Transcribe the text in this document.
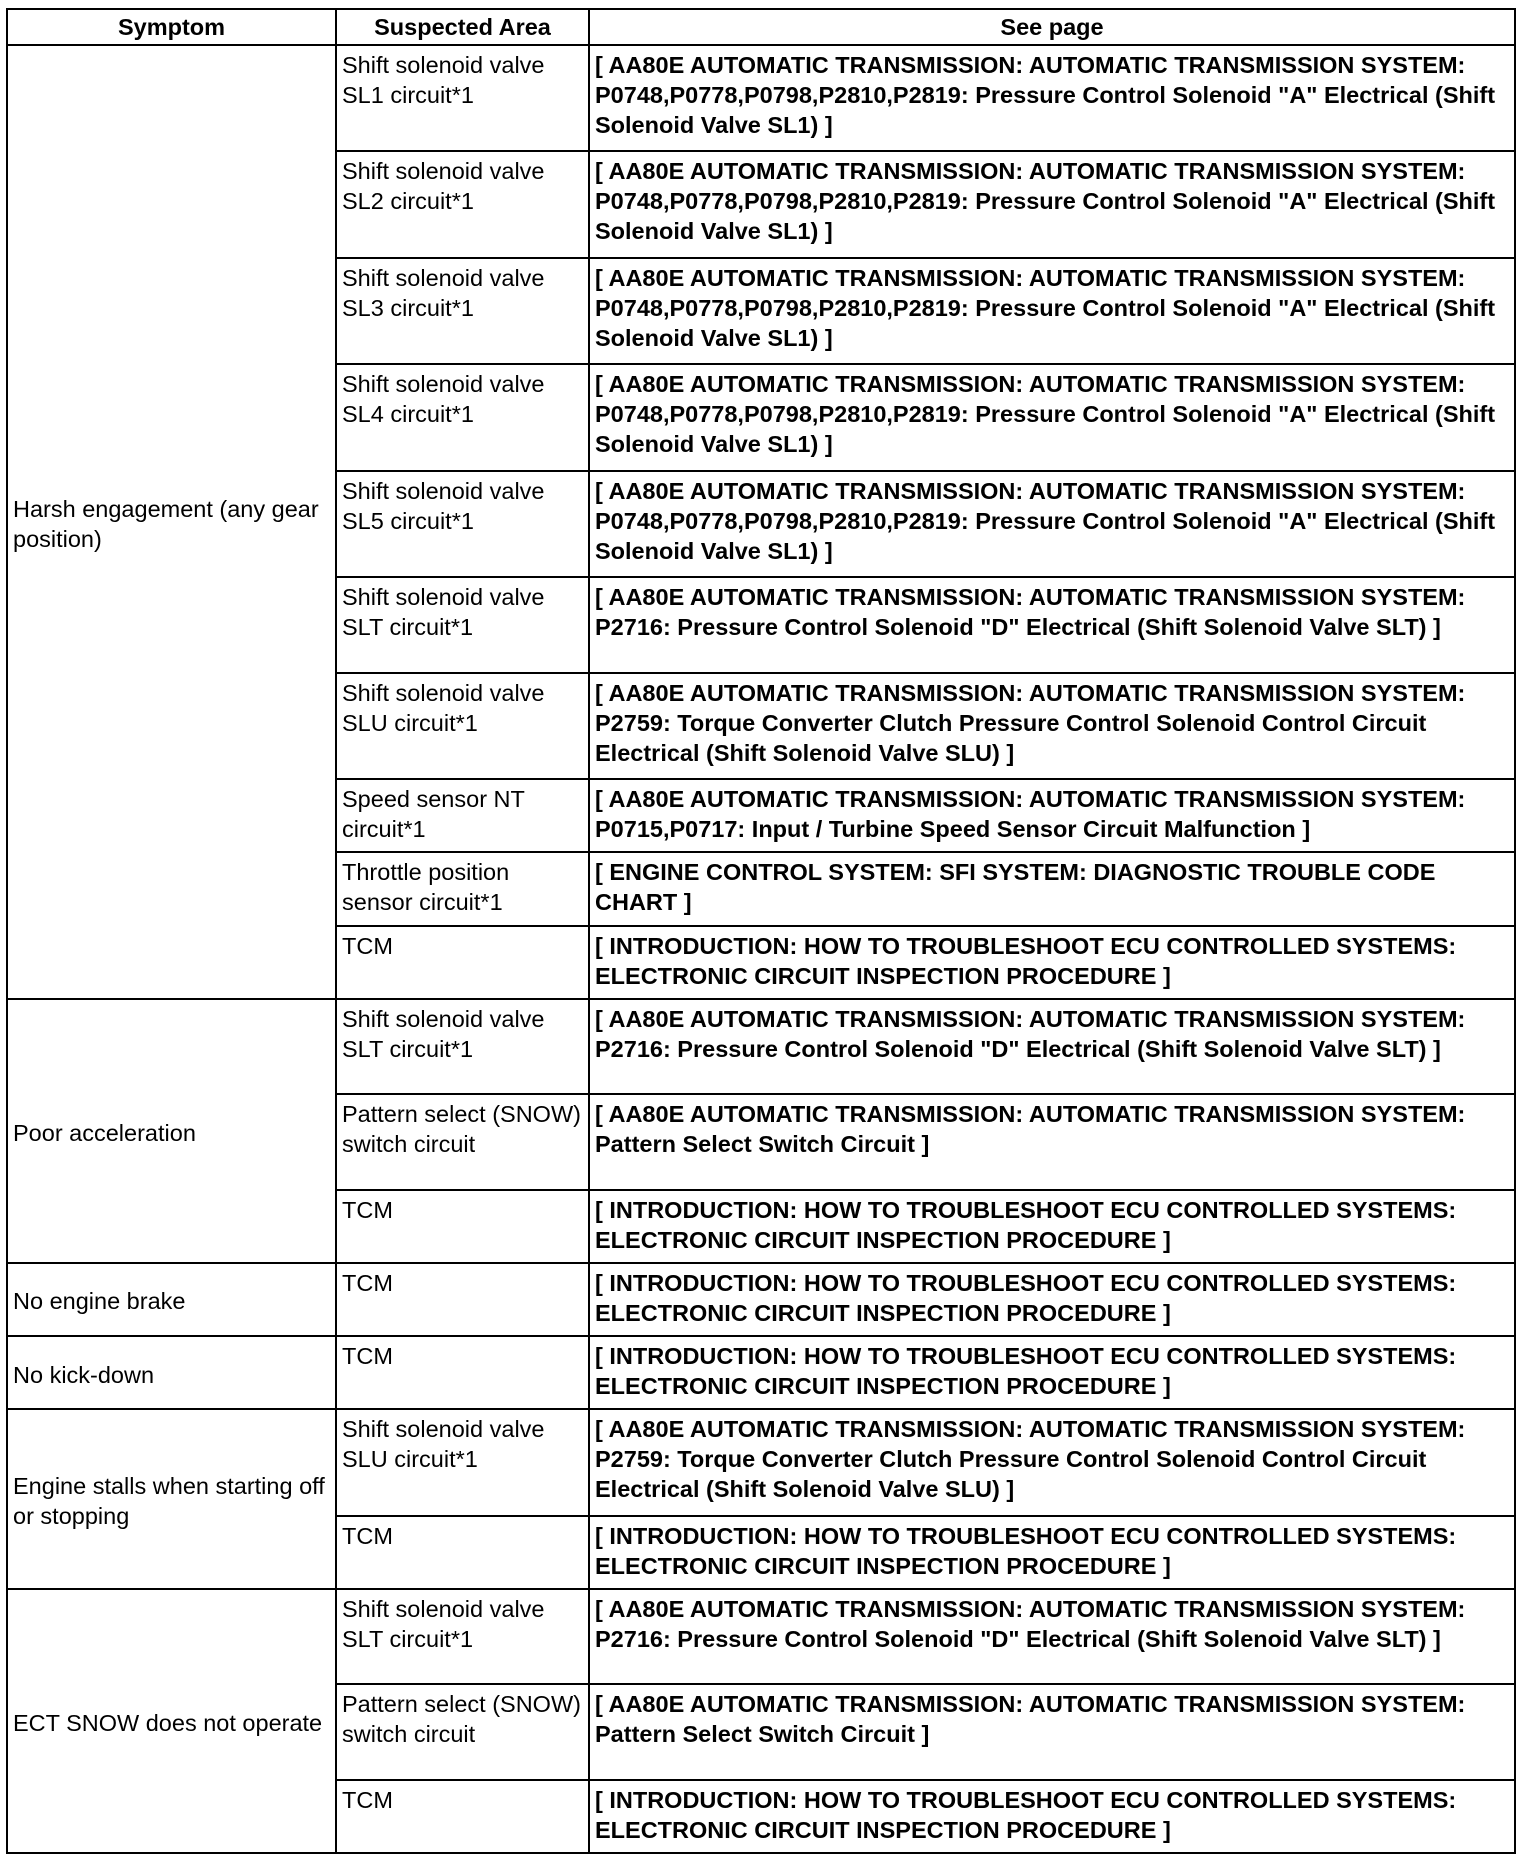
Symptom	Suspected Area	See page
Harsh engagement (any gear position)	Shift solenoid valve SL1 circuit*1	[ AA80E AUTOMATIC TRANSMISSION: AUTOMATIC TRANSMISSION SYSTEM: P0748,P0778,P0798,P2810,P2819: Pressure Control Solenoid "A" Electrical (Shift Solenoid Valve SL1) ]
	Shift solenoid valve SL2 circuit*1	[ AA80E AUTOMATIC TRANSMISSION: AUTOMATIC TRANSMISSION SYSTEM: P0748,P0778,P0798,P2810,P2819: Pressure Control Solenoid "A" Electrical (Shift Solenoid Valve SL1) ]
	Shift solenoid valve SL3 circuit*1	[ AA80E AUTOMATIC TRANSMISSION: AUTOMATIC TRANSMISSION SYSTEM: P0748,P0778,P0798,P2810,P2819: Pressure Control Solenoid "A" Electrical (Shift Solenoid Valve SL1) ]
	Shift solenoid valve SL4 circuit*1	[ AA80E AUTOMATIC TRANSMISSION: AUTOMATIC TRANSMISSION SYSTEM: P0748,P0778,P0798,P2810,P2819: Pressure Control Solenoid "A" Electrical (Shift Solenoid Valve SL1) ]
	Shift solenoid valve SL5 circuit*1	[ AA80E AUTOMATIC TRANSMISSION: AUTOMATIC TRANSMISSION SYSTEM: P0748,P0778,P0798,P2810,P2819: Pressure Control Solenoid "A" Electrical (Shift Solenoid Valve SL1) ]
	Shift solenoid valve SLT circuit*1	[ AA80E AUTOMATIC TRANSMISSION: AUTOMATIC TRANSMISSION SYSTEM: P2716: Pressure Control Solenoid "D" Electrical (Shift Solenoid Valve SLT) ]
	Shift solenoid valve SLU circuit*1	[ AA80E AUTOMATIC TRANSMISSION: AUTOMATIC TRANSMISSION SYSTEM: P2759: Torque Converter Clutch Pressure Control Solenoid Control Circuit Electrical (Shift Solenoid Valve SLU) ]
	Speed sensor NT circuit*1	[ AA80E AUTOMATIC TRANSMISSION: AUTOMATIC TRANSMISSION SYSTEM: P0715,P0717: Input / Turbine Speed Sensor Circuit Malfunction ]
	Throttle position sensor circuit*1	[ ENGINE CONTROL SYSTEM: SFI SYSTEM: DIAGNOSTIC TROUBLE CODE CHART ]
	TCM	[ INTRODUCTION: HOW TO TROUBLESHOOT ECU CONTROLLED SYSTEMS: ELECTRONIC CIRCUIT INSPECTION PROCEDURE ]
Poor acceleration	Shift solenoid valve SLT circuit*1	[ AA80E AUTOMATIC TRANSMISSION: AUTOMATIC TRANSMISSION SYSTEM: P2716: Pressure Control Solenoid "D" Electrical (Shift Solenoid Valve SLT) ]
	Pattern select (SNOW) switch circuit	[ AA80E AUTOMATIC TRANSMISSION: AUTOMATIC TRANSMISSION SYSTEM: Pattern Select Switch Circuit ]
	TCM	[ INTRODUCTION: HOW TO TROUBLESHOOT ECU CONTROLLED SYSTEMS: ELECTRONIC CIRCUIT INSPECTION PROCEDURE ]
No engine brake	TCM	[ INTRODUCTION: HOW TO TROUBLESHOOT ECU CONTROLLED SYSTEMS: ELECTRONIC CIRCUIT INSPECTION PROCEDURE ]
No kick-down	TCM	[ INTRODUCTION: HOW TO TROUBLESHOOT ECU CONTROLLED SYSTEMS: ELECTRONIC CIRCUIT INSPECTION PROCEDURE ]
Engine stalls when starting off or stopping	Shift solenoid valve SLU circuit*1	[ AA80E AUTOMATIC TRANSMISSION: AUTOMATIC TRANSMISSION SYSTEM: P2759: Torque Converter Clutch Pressure Control Solenoid Control Circuit Electrical (Shift Solenoid Valve SLU) ]
	TCM	[ INTRODUCTION: HOW TO TROUBLESHOOT ECU CONTROLLED SYSTEMS: ELECTRONIC CIRCUIT INSPECTION PROCEDURE ]
ECT SNOW does not operate	Shift solenoid valve SLT circuit*1	[ AA80E AUTOMATIC TRANSMISSION: AUTOMATIC TRANSMISSION SYSTEM: P2716: Pressure Control Solenoid "D" Electrical (Shift Solenoid Valve SLT) ]
	Pattern select (SNOW) switch circuit	[ AA80E AUTOMATIC TRANSMISSION: AUTOMATIC TRANSMISSION SYSTEM: Pattern Select Switch Circuit ]
	TCM	[ INTRODUCTION: HOW TO TROUBLESHOOT ECU CONTROLLED SYSTEMS: ELECTRONIC CIRCUIT INSPECTION PROCEDURE ]
